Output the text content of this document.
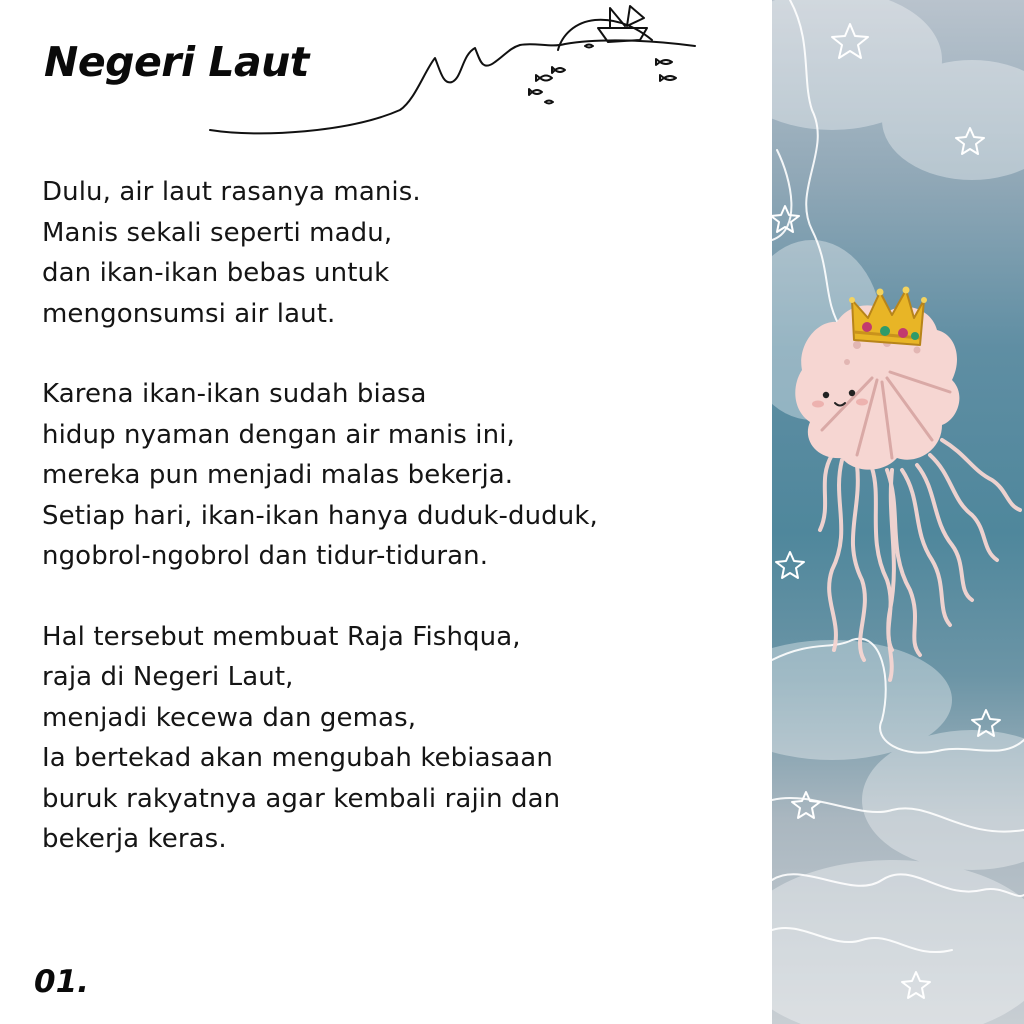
Negeri Laut

Dulu, air laut rasanya manis.
Manis sekali seperti madu,
dan ikan-ikan bebas untuk
mengonsumsi air laut.

Karena ikan-ikan sudah biasa
hidup nyaman dengan air manis ini,
mereka pun menjadi malas bekerja.
Setiap hari, ikan-ikan hanya duduk-duduk,
ngobrol-ngobrol dan tidur-tiduran.

Hal tersebut membuat Raja Fishqua,
raja di Negeri Laut,
menjadi kecewa dan gemas,
Ia bertekad akan mengubah kebiasaan
buruk rakyatnya agar kembali rajin dan
bekerja keras.

01.
